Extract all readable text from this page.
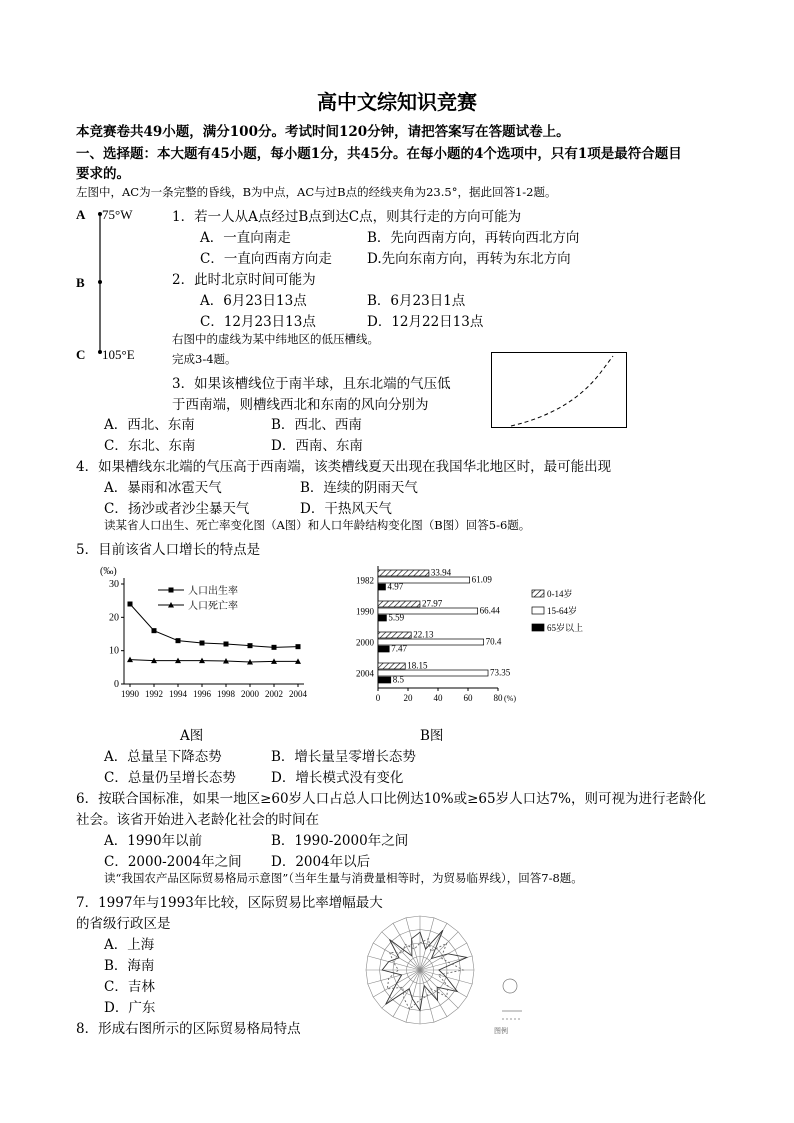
高中文综知识竞赛
本竞赛卷共49小题，满分100分。考试时间120分钟，请把答案写在答题试卷上。
一、选择题：本大题有45小题，每小题1分，共45分。在每小题的4个选项中，只有1项是最符合题目
要求的。
左图中，AC为一条完整的昏线，B为中点，AC与过B点的经线夹角为23.5°，据此回答1-2题。
A
B
C
75°W
105°E
1．若一人从A点经过B点到达C点，则其行走的方向可能为
A．一直向南走	B．先向西南方向，再转向西北方向
C．一直向西南方向走	D.先向东南方向，再转为东北方向
2．此时北京时间可能为
A．6月23日13点	B．6月23日1点
C．12月23日13点	D．12月22日13点
右图中的虚线为某中纬地区的低压槽线。
完成3-4题。
3．如果该槽线位于南半球，且东北端的气压低
于西南端，则槽线西北和东南的风向分别为
A．西北、东南	B．西北、西南
C．东北、东南	D．西南、东南
4．如果槽线东北端的气压高于西南端，该类槽线夏天出现在我国华北地区时，最可能出现
A．暴雨和冰雹天气	B．连续的阴雨天气
C．扬沙或者沙尘暴天气	D．干热风天气
读某省人口出生、死亡率变化图（A图）和人口年龄结构变化图（B图）回答5-6题。
5．目前该省人口增长的特点是
(‰)
0
10
20
30
1990 1992 1994 1996 1998 2000 2002 2004
人口出生率
人口死亡率
A图
0	20 40 60 80 (%)
1982
33.94
61.09
4.97
1990
27.97
66.44
5.59
2000
22.13
70.4
7.47
2004
18.15
73.35
8.5
0-14岁
15-64岁
65岁以上
B图
A．总量呈下降态势	B．增长量呈零增长态势
C．总量仍呈增长态势	D．增长模式没有变化
6．按联合国标准，如果一地区≥60岁人口占总人口比例达10%或≥65岁人口达7%，则可视为进行老龄化
社会。该省开始进入老龄化社会的时间在
A．1990年以前	B．1990-2000年之间
C．2000-2004年之间 D．2004年以后
读“我国农产品区际贸易格局示意图”（当年生量与消费量相等时，为贸易临界线），回答7-8题。
7．1997年与1993年比较，区际贸易比率增幅最大
的省级行政区是
A．上海
B．海南
C．吉林
D．广东
8．形成右图所示的区际贸易格局特点	图例
